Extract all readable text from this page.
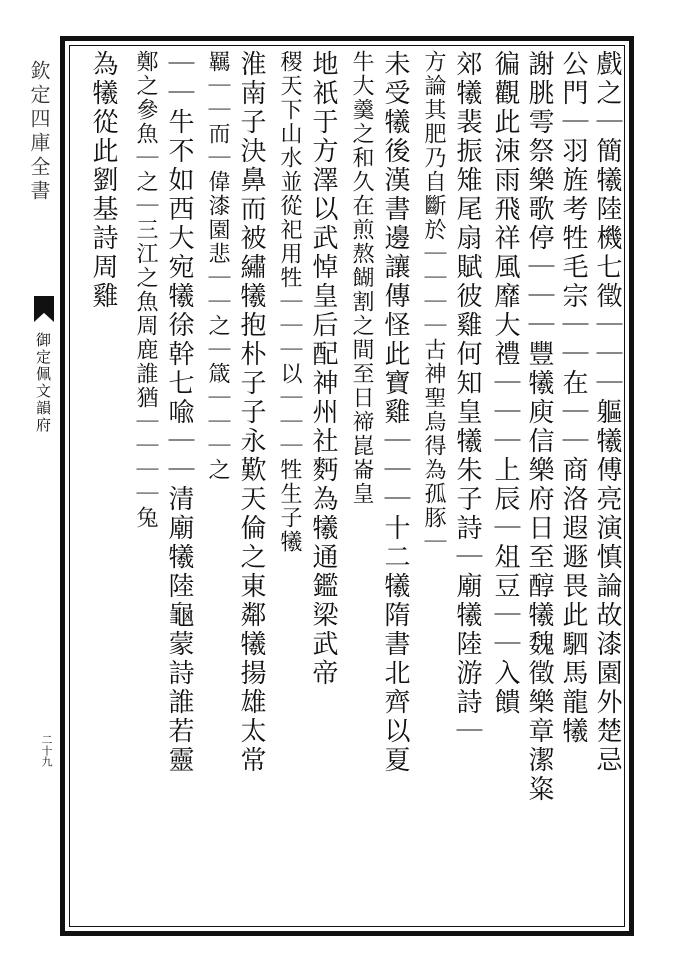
欽定四庫全書
御定佩文韻府
二十九	戲之｜簡犧陸機七徵｜｜｜軀犧傅亮演慎論故漆園外楚忌
公門｜羽旌考牲毛宗｜｜在｜｜商洛遐遯畏此駟馬龍犧
謝朓雩祭樂歌停｜｜｜豐犧庾信樂府日至醇犧魏徵樂章潔粢
徧觀此涑雨飛祥風靡大禮｜｜｜上辰｜俎豆｜｜入饋
郊犧裴振雉尾扇賦彼雞何知皇犧朱子詩｜廟犧陸游詩｜
方論其肥乃自斷於｜｜｜｜古神聖烏得為孤豚｜
未受犧後漢書邊讓傳怪此寶雞｜｜｜十二犧隋書北齊以夏
牛大羹之和久在煎熬餬割之間至日禘崑崙皇
地祇于方澤以武悼皇后配神州社麪為犧通鑑梁武帝
稷天下山水並從祀用牲｜｜｜以｜｜｜牲生子犧
淮南子決鼻而被繡犧抱朴子子永歎天倫之東鄰犧揚雄太常
羈｜｜而｜偉漆園悲｜｜之｜箴｜｜｜之
｜｜牛不如西大宛犧徐幹七喩｜｜清廟犧陸龜蒙詩誰若靈
鄭之參魚｜之｜三江之魚周鹿誰猶｜｜｜｜兔
為犧從此劉基詩周雞
